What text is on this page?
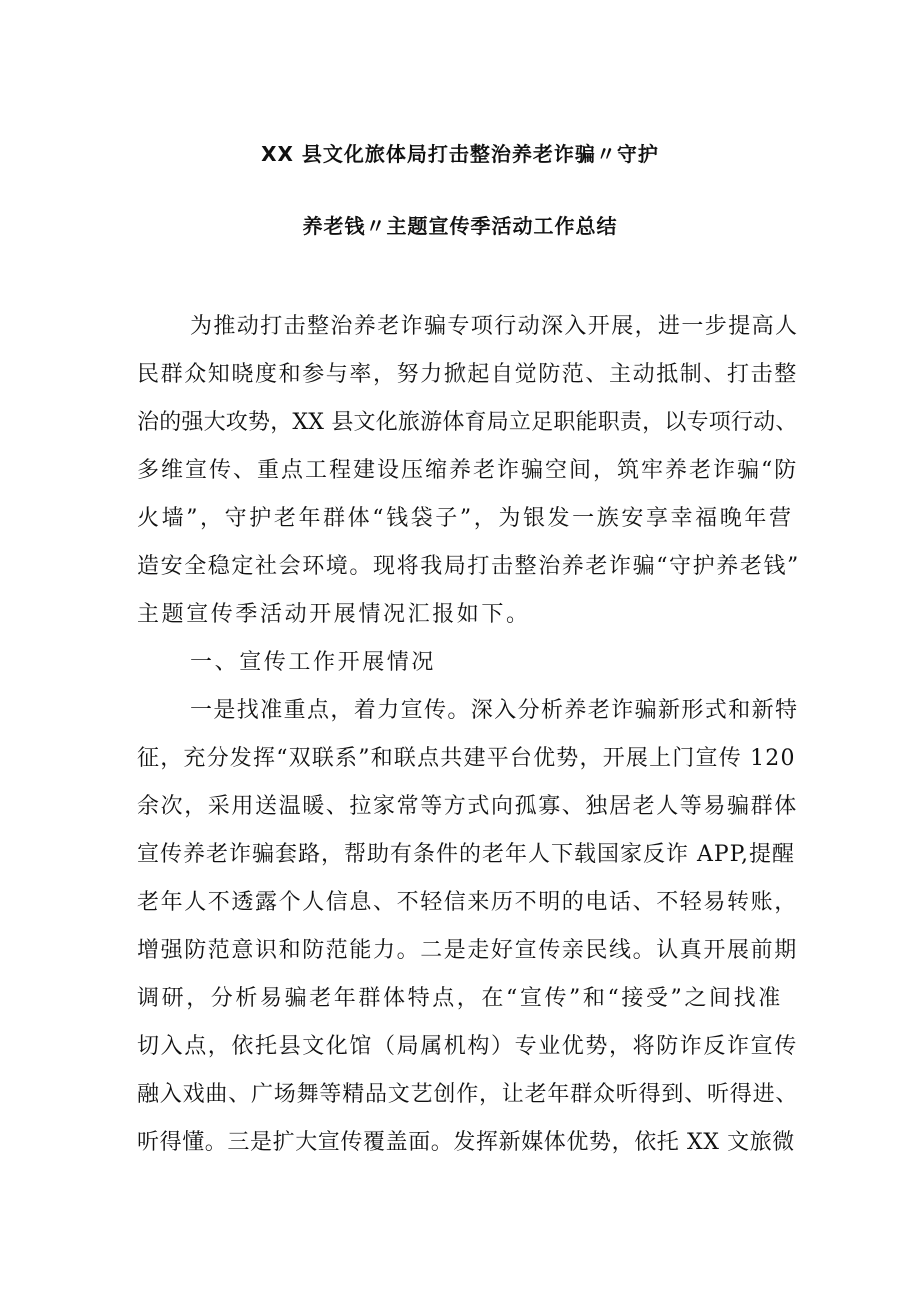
XX 县文化旅体局打击整治养老诈骗〃守护
养老钱〃主题宣传季活动工作总结

为推动打击整治养老诈骗专项行动深入开展，进一步提高人

民群众知晓度和参与率，努力掀起自觉防范、主动抵制、打击整

治的强大攻势，XX 县文化旅游体育局立足职能职责，以专项行动、

多维宣传、重点工程建设压缩养老诈骗空间，筑牢养老诈骗“防

火墙”，守护老年群体“钱袋子”，为银发一族安享幸福晚年营

造安全稳定社会环境。现将我局打击整治养老诈骗“守护养老钱”

主题宣传季活动开展情况汇报如下。

一、宣传工作开展情况

一是找准重点，着力宣传。深入分析养老诈骗新形式和新特

征，充分发挥“双联系”和联点共建平台优势，开展上门宣传 120

余次，采用送温暖、拉家常等方式向孤寡、独居老人等易骗群体

宣传养老诈骗套路，帮助有条件的老年人下载国家反诈 APP,提醒

老年人不透露个人信息、不轻信来历不明的电话、不轻易转账，

增强防范意识和防范能力。二是走好宣传亲民线。认真开展前期

调研，分析易骗老年群体特点，在“宣传”和“接受”之间找准

切入点，依托县文化馆（局属机构）专业优势，将防诈反诈宣传

融入戏曲、广场舞等精品文艺创作，让老年群众听得到、听得进、

听得懂。三是扩大宣传覆盖面。发挥新媒体优势，依托 XX 文旅微
